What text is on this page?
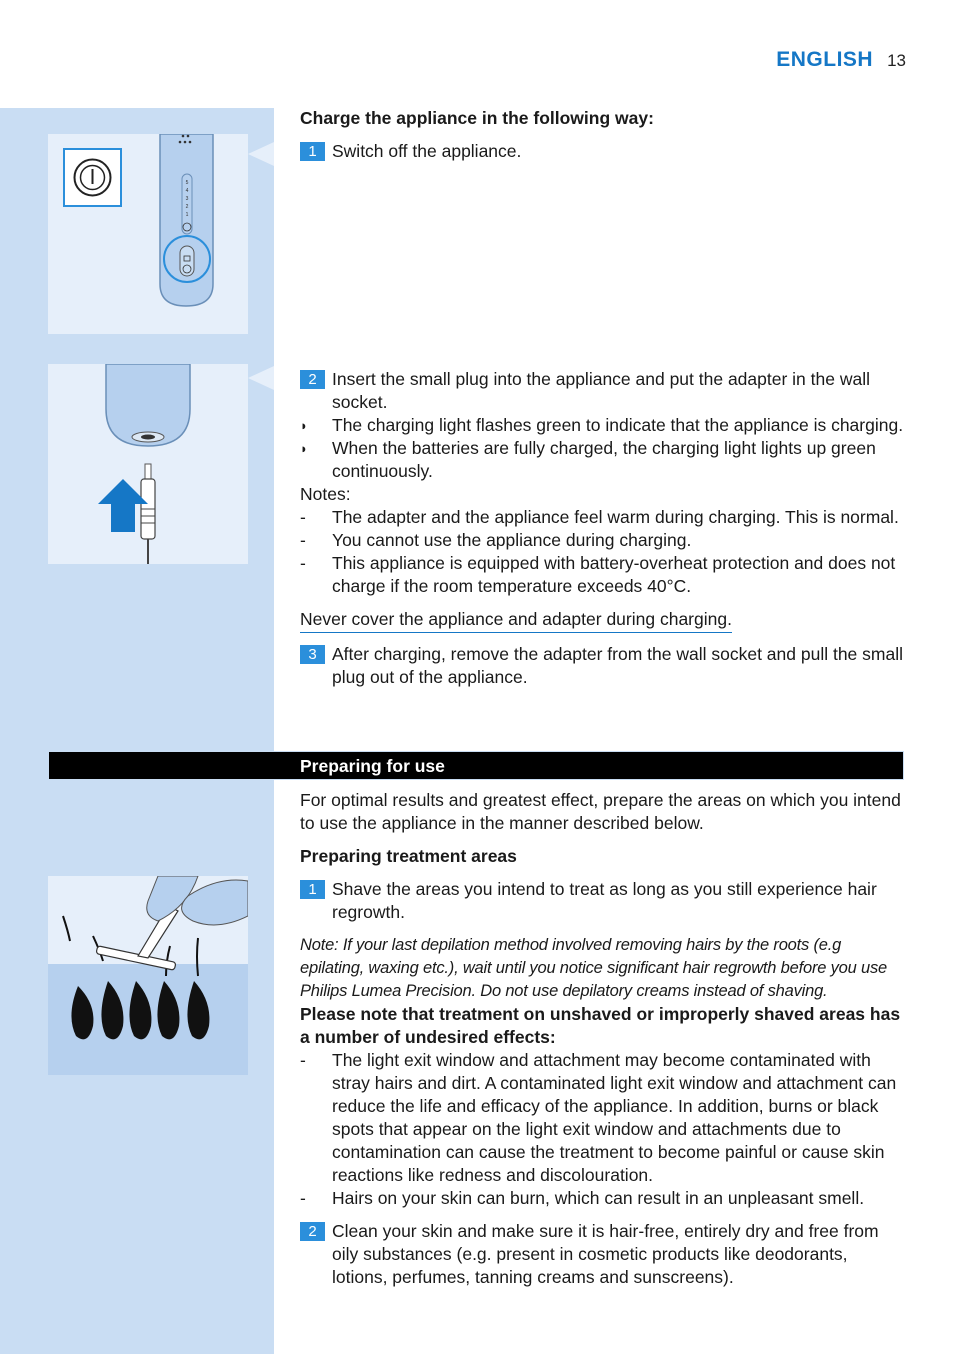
ENGLISH 13
5
4
3
2
1
Charge the appliance in the following way:
1 Switch off the appliance.
2 Insert the small plug into the appliance and put the adapter in the wall socket.
◗	The charging light flashes green to indicate that the appliance is charging.
◗	When the batteries are fully charged, the charging light lights up green continuously.
Notes:
-	The adapter and the appliance feel warm during charging. This is normal.
-	You cannot use the appliance during charging.
-	This appliance is equipped with battery-overheat protection and does not charge if the room temperature exceeds 40°C.
Never cover the appliance and adapter during charging.
3 After charging, remove the adapter from the wall socket and pull the small plug out of the appliance.
Preparing for use
For optimal results and greatest effect, prepare the areas on which you intend to use the appliance in the manner described below.
Preparing treatment areas
1 Shave the areas you intend to treat as long as you still experience hair regrowth.
Note: If your last depilation method involved removing hairs by the roots (e.g epilating, waxing etc.), wait until you notice significant hair regrowth before you use Philips Lumea Precision. Do not use depilatory creams instead of shaving.
Please note that treatment on unshaved or improperly shaved areas has a number of undesired effects:
-	The light exit window and attachment may become contaminated with stray hairs and dirt. A contaminated light exit window and attachment can reduce the life and efficacy of the appliance. In addition, burns or black spots that appear on the light exit window and attachments due to contamination can cause the treatment to become painful or cause skin reactions like redness and discolouration.
-	Hairs on your skin can burn, which can result in an unpleasant smell.
2 Clean your skin and make sure it is hair-free, entirely dry and free from oily substances (e.g. present in cosmetic products like deodorants, lotions, perfumes, tanning creams and sunscreens).
